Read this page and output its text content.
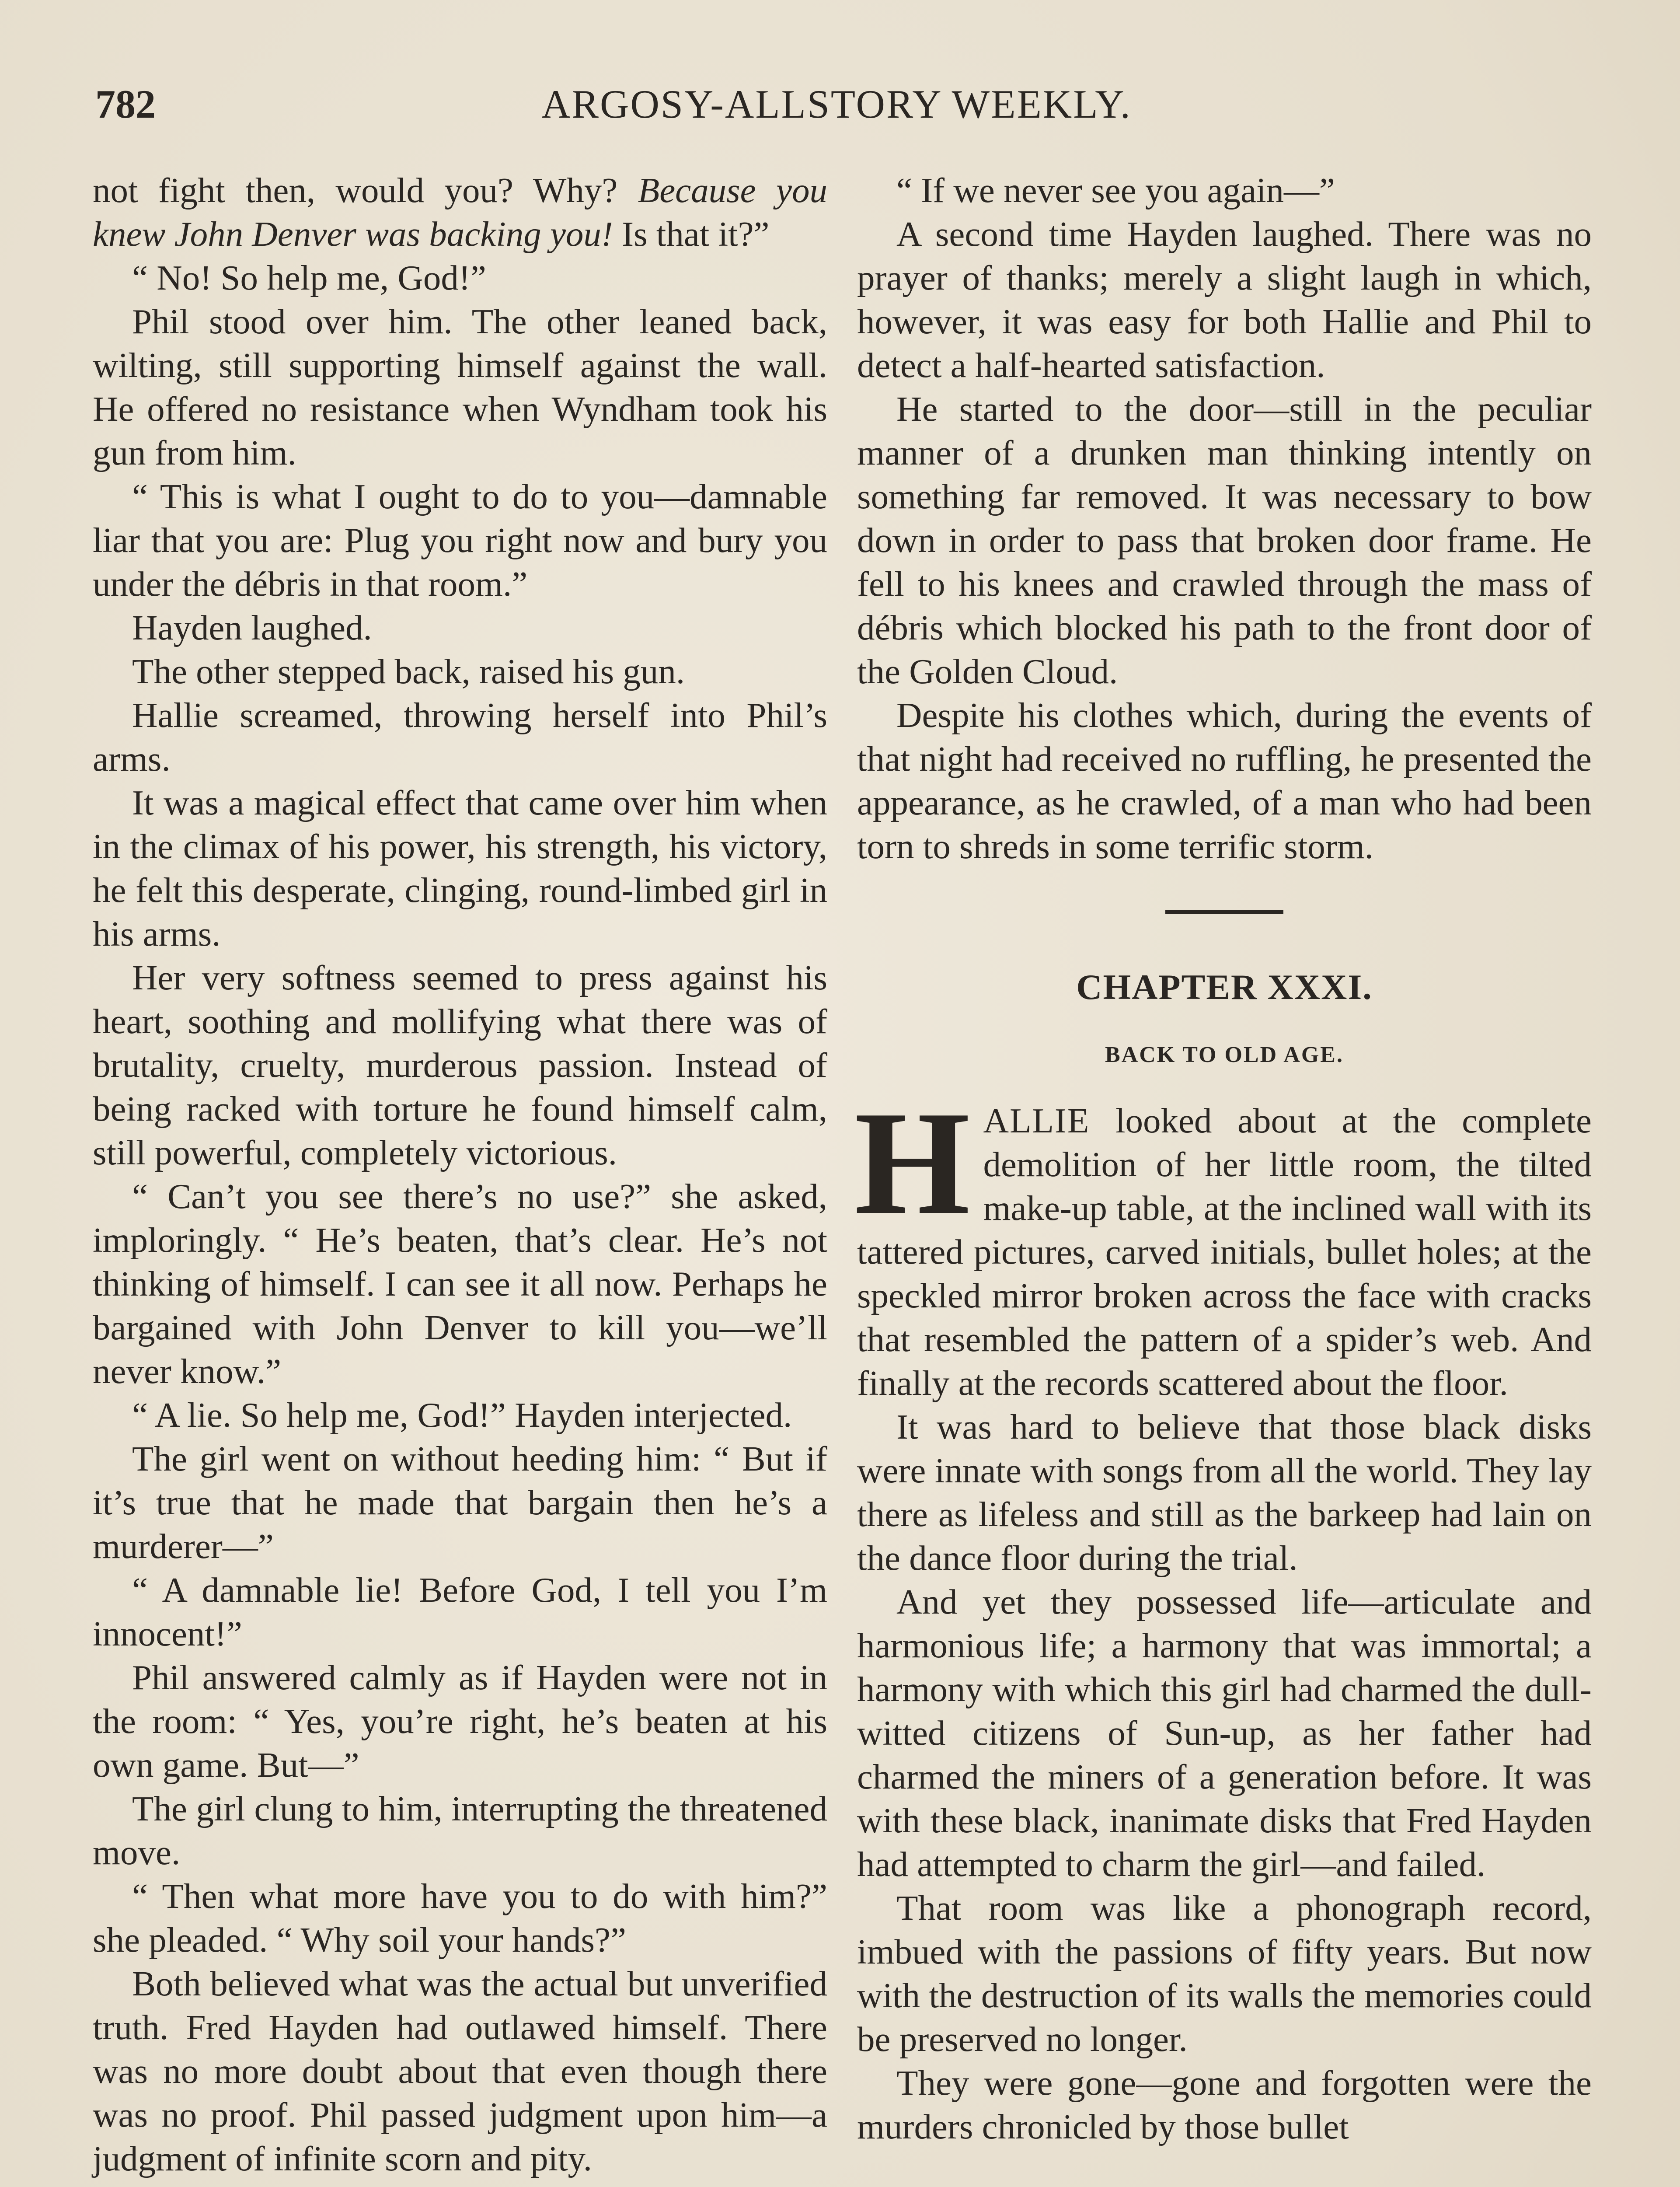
782	ARGOSY-ALLSTORY WEEKLY.

not fight then, would you? Why? Because you knew John Denver was backing you! Is that it?”

“ No! So help me, God!”

Phil stood over him. The other leaned back, wilting, still supporting himself against the wall. He offered no resistance when Wyndham took his gun from him.

“ This is what I ought to do to you—damnable liar that you are: Plug you right now and bury you under the débris in that room.”

Hayden laughed.

The other stepped back, raised his gun.

Hallie screamed, throwing herself into Phil’s arms.

It was a magical effect that came over him when in the climax of his power, his strength, his victory, he felt this desperate, clinging, round-limbed girl in his arms.

Her very softness seemed to press against his heart, soothing and mollifying what there was of brutality, cruelty, murderous passion. Instead of being racked with torture he found himself calm, still powerful, completely victorious.

“ Can’t you see there’s no use?” she asked, imploringly. “ He’s beaten, that’s clear. He’s not thinking of himself. I can see it all now. Perhaps he bargained with John Denver to kill you—we’ll never know.”

“ A lie. So help me, God!” Hayden interjected.

The girl went on without heeding him: “ But if it’s true that he made that bargain then he’s a murderer—”

“ A damnable lie! Before God, I tell you I’m innocent!”

Phil answered calmly as if Hayden were not in the room: “ Yes, you’re right, he’s beaten at his own game. But—”

The girl clung to him, interrupting the threatened move.

“ Then what more have you to do with him?” she pleaded. “ Why soil your hands?”

Both believed what was the actual but unverified truth. Fred Hayden had outlawed himself. There was no more doubt about that even though there was no proof. Phil passed judgment upon him—a judgment of infinite scorn and pity.

“ If we never see you again—”

A second time Hayden laughed. There was no prayer of thanks; merely a slight laugh in which, however, it was easy for both Hallie and Phil to detect a half-hearted satisfaction.

He started to the door—still in the peculiar manner of a drunken man thinking intently on something far removed. It was necessary to bow down in order to pass that broken door frame. He fell to his knees and crawled through the mass of débris which blocked his path to the front door of the Golden Cloud.

Despite his clothes which, during the events of that night had received no ruffling, he presented the appearance, as he crawled, of a man who had been torn to shreds in some terrific storm.

CHAPTER XXXI.
BACK TO OLD AGE.

HALLIE looked about at the complete demolition of her little room, the tilted make-up table, at the inclined wall with its tattered pictures, carved initials, bullet holes; at the speckled mirror broken across the face with cracks that resembled the pattern of a spider’s web. And finally at the records scattered about the floor.

It was hard to believe that those black disks were innate with songs from all the world. They lay there as lifeless and still as the barkeep had lain on the dance floor during the trial.

And yet they possessed life—articulate and harmonious life; a harmony that was immortal; a harmony with which this girl had charmed the dull-witted citizens of Sun-up, as her father had charmed the miners of a generation before. It was with these black, inanimate disks that Fred Hayden had attempted to charm the girl—and failed.

That room was like a phonograph record, imbued with the passions of fifty years. But now with the destruction of its walls the memories could be preserved no longer.

They were gone—gone and forgotten were the murders chronicled by those bullet
